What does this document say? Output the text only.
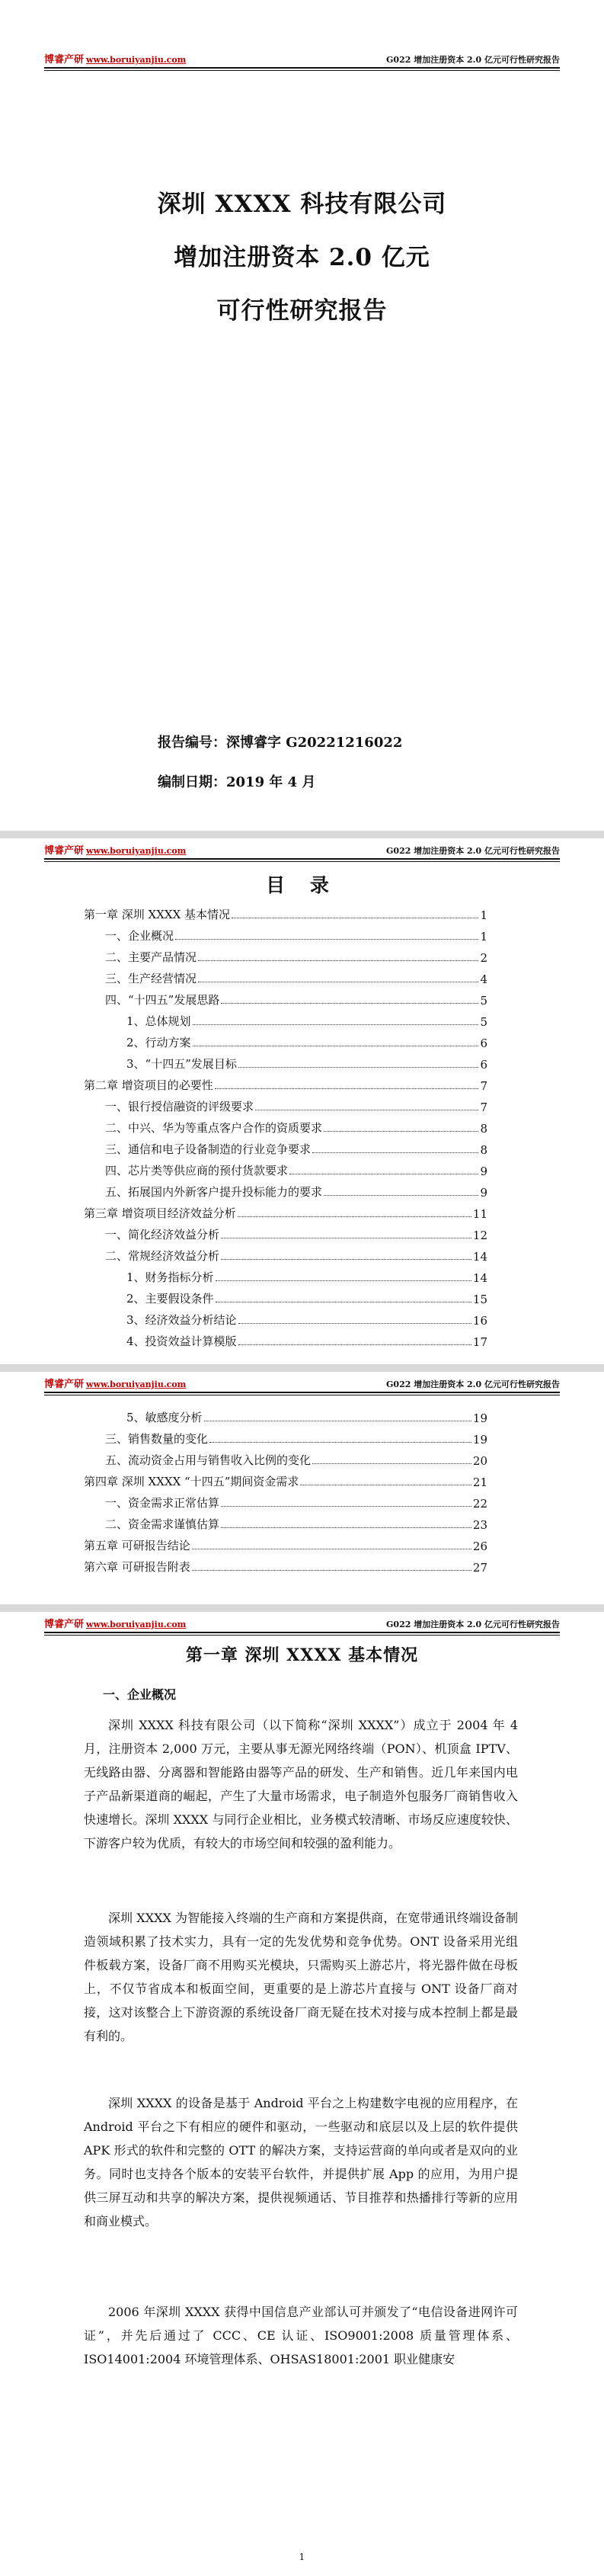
博睿产研 www.boruiyanjiu.com	G022 增加注册资本 2.0 亿元可行性研究报告
深圳 XXXX 科技有限公司
增加注册资本 2.0 亿元
可行性研究报告
报告编号：深博睿字 G20221216022
编制日期：2019 年 4 月
博睿产研 www.boruiyanjiu.com	G022 增加注册资本 2.0 亿元可行性研究报告
目 录
第一章 深圳 XXXX 基本情况	1
一、企业概况	1
二、主要产品情况	2
三、生产经营情况	4
四、“十四五”发展思路	5
1、总体规划	5
2、行动方案	6
3、“十四五”发展目标	6
第二章 增资项目的必要性	7
一、银行授信融资的评级要求	7
二、中兴、华为等重点客户合作的资质要求	8
三、通信和电子设备制造的行业竞争要求	8
四、芯片类等供应商的预付货款要求	9
五、拓展国内外新客户提升投标能力的要求	9
第三章 增资项目经济效益分析	11
一、简化经济效益分析	12
二、常规经济效益分析	14
1、财务指标分析	14
2、主要假设条件	15
3、经济效益分析结论	16
4、投资效益计算模版	17
博睿产研 www.boruiyanjiu.com	G022 增加注册资本 2.0 亿元可行性研究报告
5、敏感度分析	19
三、销售数量的变化	19
五、流动资金占用与销售收入比例的变化	20
第四章 深圳 XXXX “十四五”期间资金需求	21
一、资金需求正常估算	22
二、资金需求谨慎估算	23
第五章 可研报告结论	26
第六章 可研报告附表	27
博睿产研 www.boruiyanjiu.com	G022 增加注册资本 2.0 亿元可行性研究报告
第一章 深圳 XXXX 基本情况
一、企业概况
深圳 XXXX 科技有限公司（以下简称“深圳 XXXX”）成立于 2004 年 4 月，注册资本 2,000 万元，主要从事无源光网络终端（PON）、机顶盒 IPTV、无线路由器、分离器和智能路由器等产品的研发、生产和销售。近几年来国内电子产品新渠道商的崛起，产生了大量市场需求，电子制造外包服务厂商销售收入快速增长。深圳 XXXX 与同行企业相比，业务模式较清晰、市场反应速度较快、下游客户较为优质，有较大的市场空间和较强的盈利能力。
深圳 XXXX 为智能接入终端的生产商和方案提供商，在宽带通讯终端设备制造领域积累了技术实力，具有一定的先发优势和竞争优势。ONT 设备采用光组件板载方案，设备厂商不用购买光模块，只需购买上游芯片，将光器件做在母板上，不仅节省成本和板面空间，更重要的是上游芯片直接与 ONT 设备厂商对接，这对该整合上下游资源的系统设备厂商无疑在技术对接与成本控制上都是最有利的。
深圳 XXXX 的设备是基于 Android 平台之上构建数字电视的应用程序，在 Android 平台之下有相应的硬件和驱动，一些驱动和底层以及上层的软件提供 APK 形式的软件和完整的 OTT 的解决方案，支持运营商的单向或者是双向的业务。同时也支持各个版本的安装平台软件，并提供扩展 App 的应用，为用户提供三屏互动和共享的解决方案，提供视频通话、节目推荐和热播排行等新的应用和商业模式。
2006 年深圳 XXXX 获得中国信息产业部认可并颁发了“电信设备进网许可证”，并先后通过了 CCC、CE 认证、ISO9001:2008 质量管理体系、ISO14001:2004 环境管理体系、OHSAS18001:2001 职业健康安
1
